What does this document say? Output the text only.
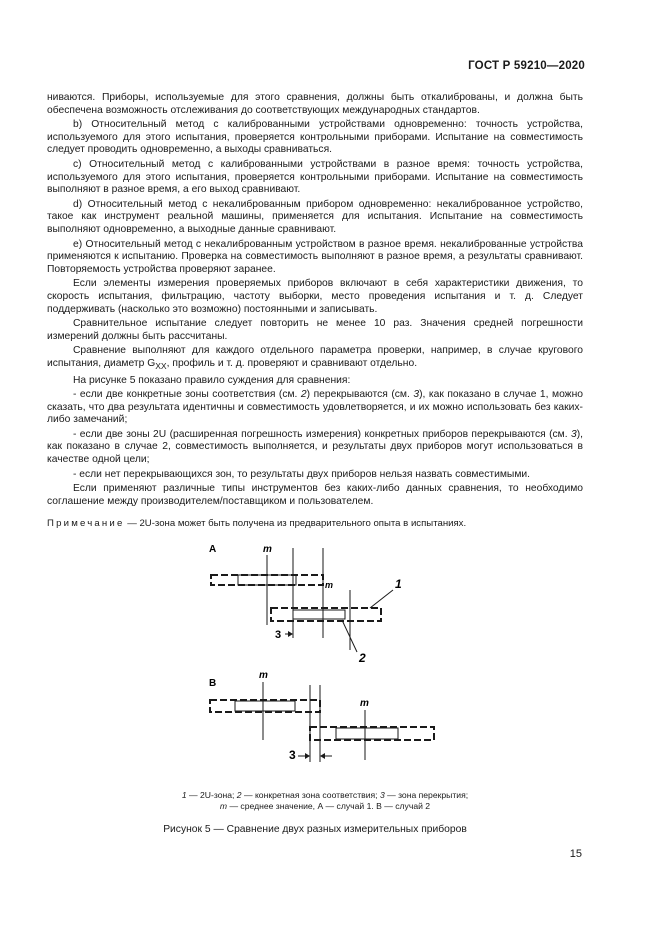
ГОСТ Р 59210—2020

ниваются. Приборы, используемые для этого сравнения, должны быть откалиброваны, и должна быть обеспечена возможность отслеживания до соответствующих международных стандартов.

b) Относительный метод с калиброванными устройствами одновременно: точность устройства, используемого для этого испытания, проверяется контрольными приборами. Испытание на совместимость следует проводить одновременно, а выходы сравниваться.

c) Относительный метод с калиброванными устройствами в разное время: точность устройства, используемого для этого испытания, проверяется контрольными приборами. Испытание на совместимость выполняют в разное время, а его выход сравнивают.

d) Относительный метод с некалиброванным прибором одновременно: некалиброванное устройство, такое как инструмент реальной машины, применяется для испытания. Испытание на совместимость выполняют одновременно, а выходные данные сравнивают.

e) Относительный метод с некалиброванным устройством в разное время. некалиброванные устройства применяются к испытанию. Проверка на совместимость выполняют в разное время, а результаты сравнивают. Повторяемость устройства проверяют заранее.

Если элементы измерения проверяемых приборов включают в себя характеристики движения, то скорость испытания, фильтрацию, частоту выборки, место проведения испытания и т. д. Следует поддерживать (насколько это возможно) постоянными и записывать.

Сравнительное испытание следует повторить не менее 10 раз. Значения средней погрешности измерений должны быть рассчитаны.

Сравнение выполняют для каждого отдельного параметра проверки, например, в случае кругового испытания, диаметр $G_{XX}$, профиль и т. д. проверяют и сравнивают отдельно.

На рисунке 5 показано правило суждения для сравнения:

- если две конкретные зоны соответствия (см. 2) перекрываются (см. 3), как показано в случае 1, можно сказать, что два результата идентичны и совместимость удовлетворяется, и их можно использовать без каких-либо замечаний;

- если две зоны 2U (расширенная погрешность измерения) конкретных приборов перекрываются (см. 3), как показано в случае 2, совместимость выполняется, и результаты двух приборов могут использоваться в качестве одной цели;

- если нет перекрывающихся зон, то результаты двух приборов нельзя назвать совместимыми.

Если применяют различные типы инструментов без каких-либо данных сравнения, то необходимо соглашение между производителем/поставщиком и пользователем.

Примечание — 2U-зона может быть получена из предварительного опыта в испытаниях.

A	m
m	1
2
3
B
m
m
3
1 — 2U-зона; 2 — конкретная зона соответствия; 3 — зона перекрытия;
m — среднее значение, А — случай 1. В — случай 2
Рисунок 5 — Сравнение двух разных измерительных приборов
15
